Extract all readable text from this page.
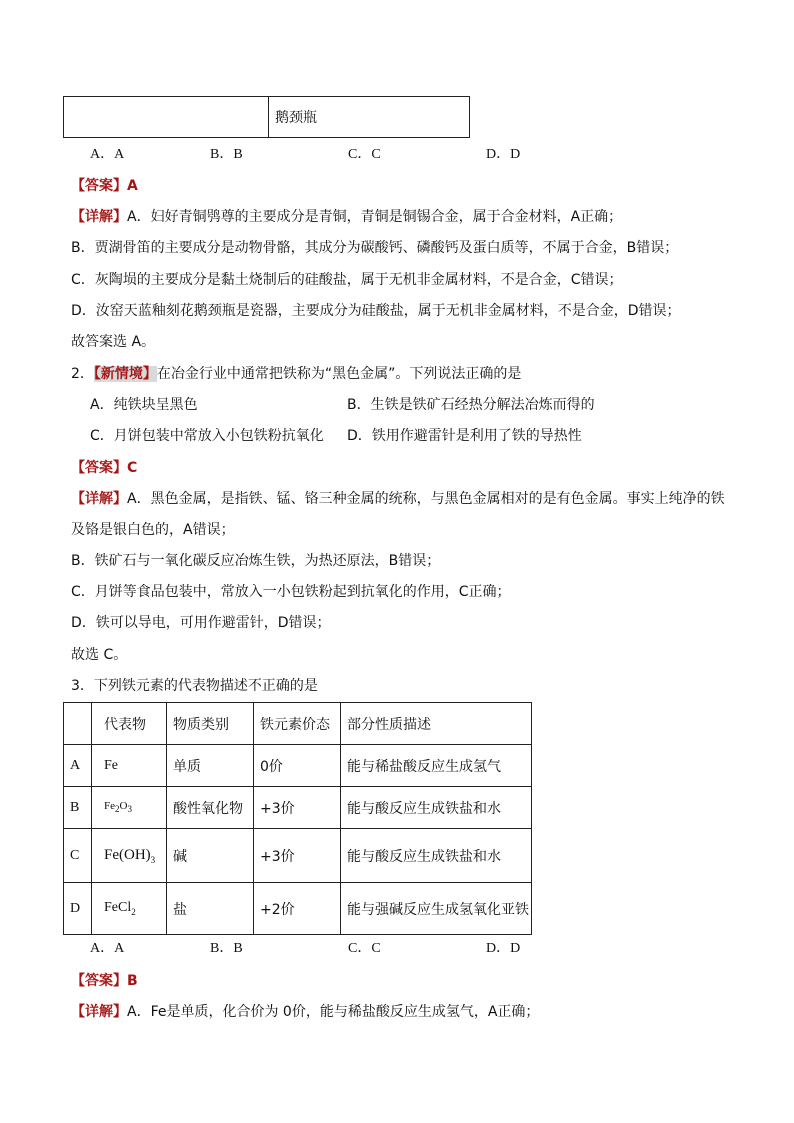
	鹅颈瓶
A．A	B．B	C．C	D．D
【答案】A
【详解】A．妇好青铜鸮尊的主要成分是青铜，青铜是铜锡合金，属于合金材料，A正确；
B．贾湖骨笛的主要成分是动物骨骼，其成分为碳酸钙、磷酸钙及蛋白质等，不属于合金，B错误；
C．灰陶埙的主要成分是黏土烧制后的硅酸盐，属于无机非金属材料，不是合金，C错误；
D．汝窑天蓝釉刻花鹅颈瓶是瓷器，主要成分为硅酸盐，属于无机非金属材料，不是合金，D错误；
故答案选 A。
2．【新情境】在冶金行业中通常把铁称为“黑色金属”。下列说法正确的是
A．纯铁块呈黑色	B．生铁是铁矿石经热分解法冶炼而得的
C．月饼包装中常放入小包铁粉抗氧化 D．铁用作避雷针是利用了铁的导热性
【答案】C
【详解】A．黑色金属，是指铁、锰、铬三种金属的统称，与黑色金属相对的是有色金属。事实上纯净的铁
及铬是银白色的，A错误；
B．铁矿石与一氧化碳反应冶炼生铁，为热还原法，B错误；
C．月饼等食品包装中，常放入一小包铁粉起到抗氧化的作用，C正确；
D．铁可以导电，可用作避雷针，D错误；
故选 C。
3．下列铁元素的代表物描述不正确的是
	代表物	物质类别	铁元素价态	部分性质描述
A	Fe	单质	0价	能与稀盐酸反应生成氢气
B	$Fe_2O_3$	酸性氧化物	+3价	能与酸反应生成铁盐和水
C	$Fe(OH)_3$	碱	+3价	能与酸反应生成铁盐和水
D	FeCl$_2$	盐	+2价	能与强碱反应生成氢氧化亚铁
A．A	B．B	C．C	D．D
【答案】B
【详解】A．Fe是单质，化合价为 0价，能与稀盐酸反应生成氢气，A正确；
